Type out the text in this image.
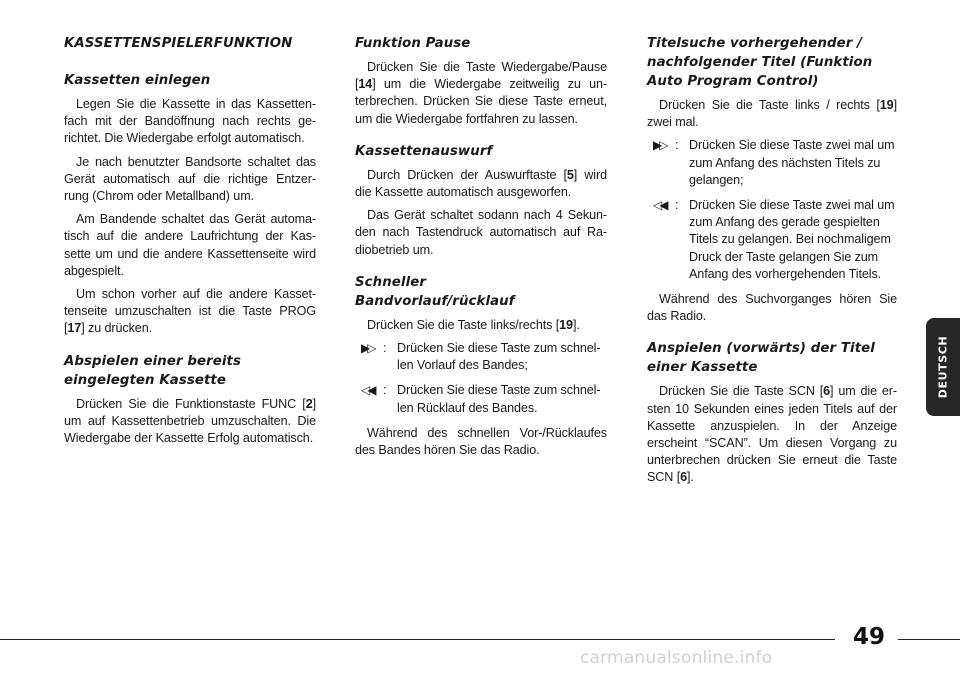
KASSETTENSPIELERFUNKTION
Kassetten einlegen

Legen Sie die Kassette in das Kassetten-fach mit der Bandöffnung nach rechts ge-richtet. Die Wiedergabe erfolgt automatisch.

Je nach benutzter Bandsorte schaltet das Gerät automatisch auf die richtige Entzer-rung (Chrom oder Metallband) um.

Am Bandende schaltet das Gerät automa-tisch auf die andere Laufrichtung der Kas-sette um und die andere Kassettenseite wird abgespielt.

Um schon vorher auf die andere Kasset-tenseite umzuschalten ist die Taste PROG [17] zu drücken.

Abspielen einer bereits
eingelegten Kassette

Drücken Sie die Funktionstaste FUNC [2] um auf Kassettenbetrieb umzuschalten. Die Wiedergabe der Kassette Erfolg automatisch.

Funktion Pause

Drücken Sie die Taste Wiedergabe/Pause [14] um die Wiedergabe zeitweilig zu un-terbrechen. Drücken Sie diese Taste erneut, um die Wiedergabe fortfahren zu lassen.

Kassettenauswurf

Durch Drücken der Auswurftaste [5] wird die Kassette automatisch ausgeworfen.

Das Gerät schaltet sodann nach 4 Sekun-den nach Tastendruck automatisch auf Ra-diobetrieb um.

Schneller
Bandvorlauf/rücklauf

Drücken Sie die Taste links/rechts [19].

▶▷ : Drücken Sie diese Taste zum schnel-len Vorlauf des Bandes;
◁◀ : Drücken Sie diese Taste zum schnel-len Rücklauf des Bandes.

Während des schnellen Vor-/Rücklaufes des Bandes hören Sie das Radio.

Titelsuche vorhergehender /
nachfolgender Titel (Funktion
Auto Program Control)

Drücken Sie die Taste links / rechts [19] zwei mal.

▶▷ : Drücken Sie diese Taste zwei mal um zum Anfang des nächsten Titels zu gelangen;
◁◀ : Drücken Sie diese Taste zwei mal um zum Anfang des gerade gespielten Titels zu gelangen. Bei nochmaligem Druck der Taste gelangen Sie zum Anfang des vorhergehenden Titels.

Während des Suchvorganges hören Sie das Radio.

Anspielen (vorwärts) der Titel
einer Kassette

Drücken Sie die Taste SCN [6] um die er-sten 10 Sekunden eines jeden Titels auf der Kassette anzuspielen. In der Anzeige erscheint “SCAN”. Um diesen Vorgang zu unterbrechen drücken Sie erneut die Taste SCN [6].

DEUTSCH
49
carmanualsonline.info
